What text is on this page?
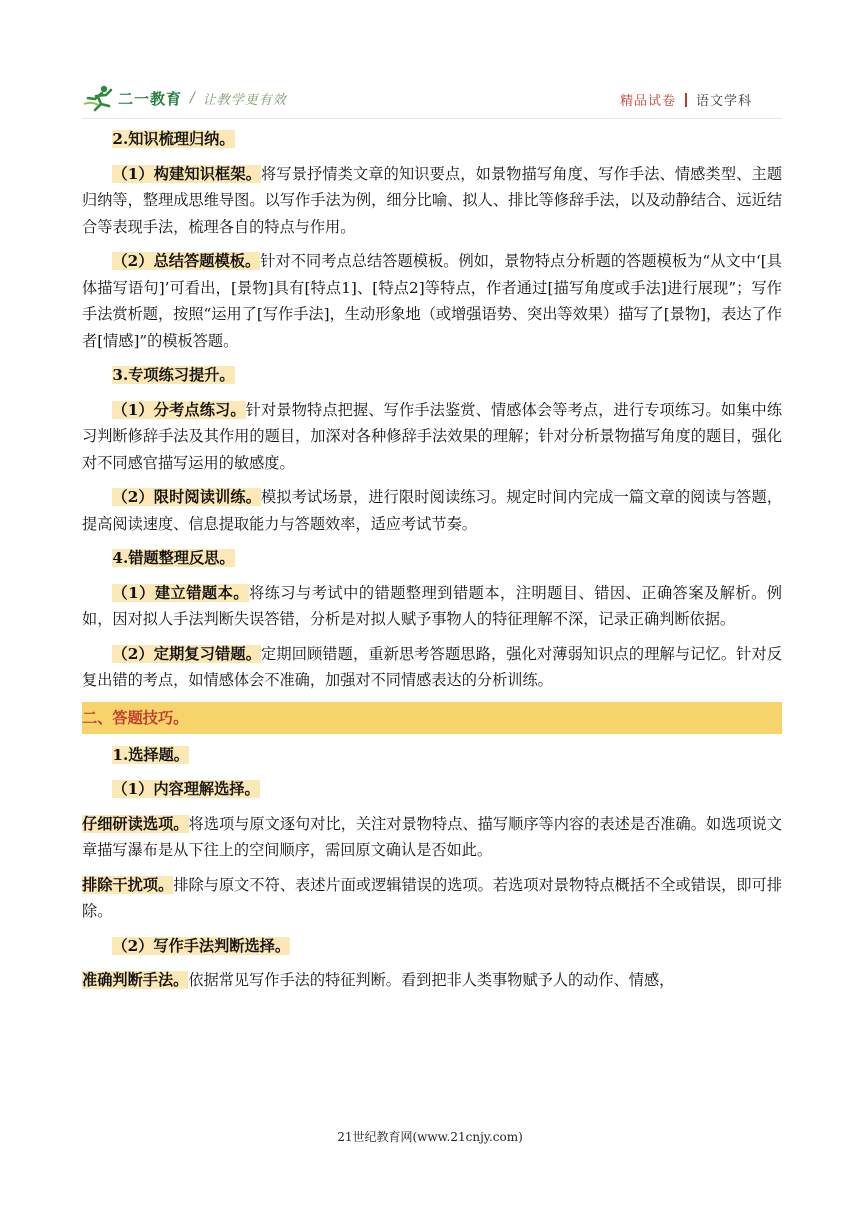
二一教育 / 让教学更有效	精品试卷 语文学科

2.知识梳理归纳。

（1）构建知识框架。将写景抒情类文章的知识要点，如景物描写角度、写作手法、情感类型、主题归纳等，整理成思维导图。以写作手法为例，细分比喻、拟人、排比等修辞手法，以及动静结合、远近结合等表现手法，梳理各自的特点与作用。

（2）总结答题模板。针对不同考点总结答题模板。例如，景物特点分析题的答题模板为“从文中‘[具体描写语句]’可看出，[景物]具有[特点1]、[特点2]等特点，作者通过[描写角度或手法]进行展现”；写作手法赏析题，按照“运用了[写作手法]，生动形象地（或增强语势、突出等效果）描写了[景物]，表达了作者[情感]”的模板答题。

3.专项练习提升。

（1）分考点练习。针对景物特点把握、写作手法鉴赏、情感体会等考点，进行专项练习。如集中练习判断修辞手法及其作用的题目，加深对各种修辞手法效果的理解；针对分析景物描写角度的题目，强化对不同感官描写运用的敏感度。

（2）限时阅读训练。模拟考试场景，进行限时阅读练习。规定时间内完成一篇文章的阅读与答题，提高阅读速度、信息提取能力与答题效率，适应考试节奏。

4.错题整理反思。

（1）建立错题本。将练习与考试中的错题整理到错题本，注明题目、错因、正确答案及解析。例如，因对拟人手法判断失误答错，分析是对拟人赋予事物人的特征理解不深，记录正确判断依据。

（2）定期复习错题。定期回顾错题，重新思考答题思路，强化对薄弱知识点的理解与记忆。针对反复出错的考点，如情感体会不准确，加强对不同情感表达的分析训练。

二、答题技巧。

1.选择题。

（1）内容理解选择。

仔细研读选项。将选项与原文逐句对比，关注对景物特点、描写顺序等内容的表述是否准确。如选项说文章描写瀑布是从下往上的空间顺序，需回原文确认是否如此。

排除干扰项。排除与原文不符、表述片面或逻辑错误的选项。若选项对景物特点概括不全或错误，即可排除。

（2）写作手法判断选择。

准确判断手法。依据常见写作手法的特征判断。看到把非人类事物赋予人的动作、情感，

21世纪教育网(www.21cnjy.com)
